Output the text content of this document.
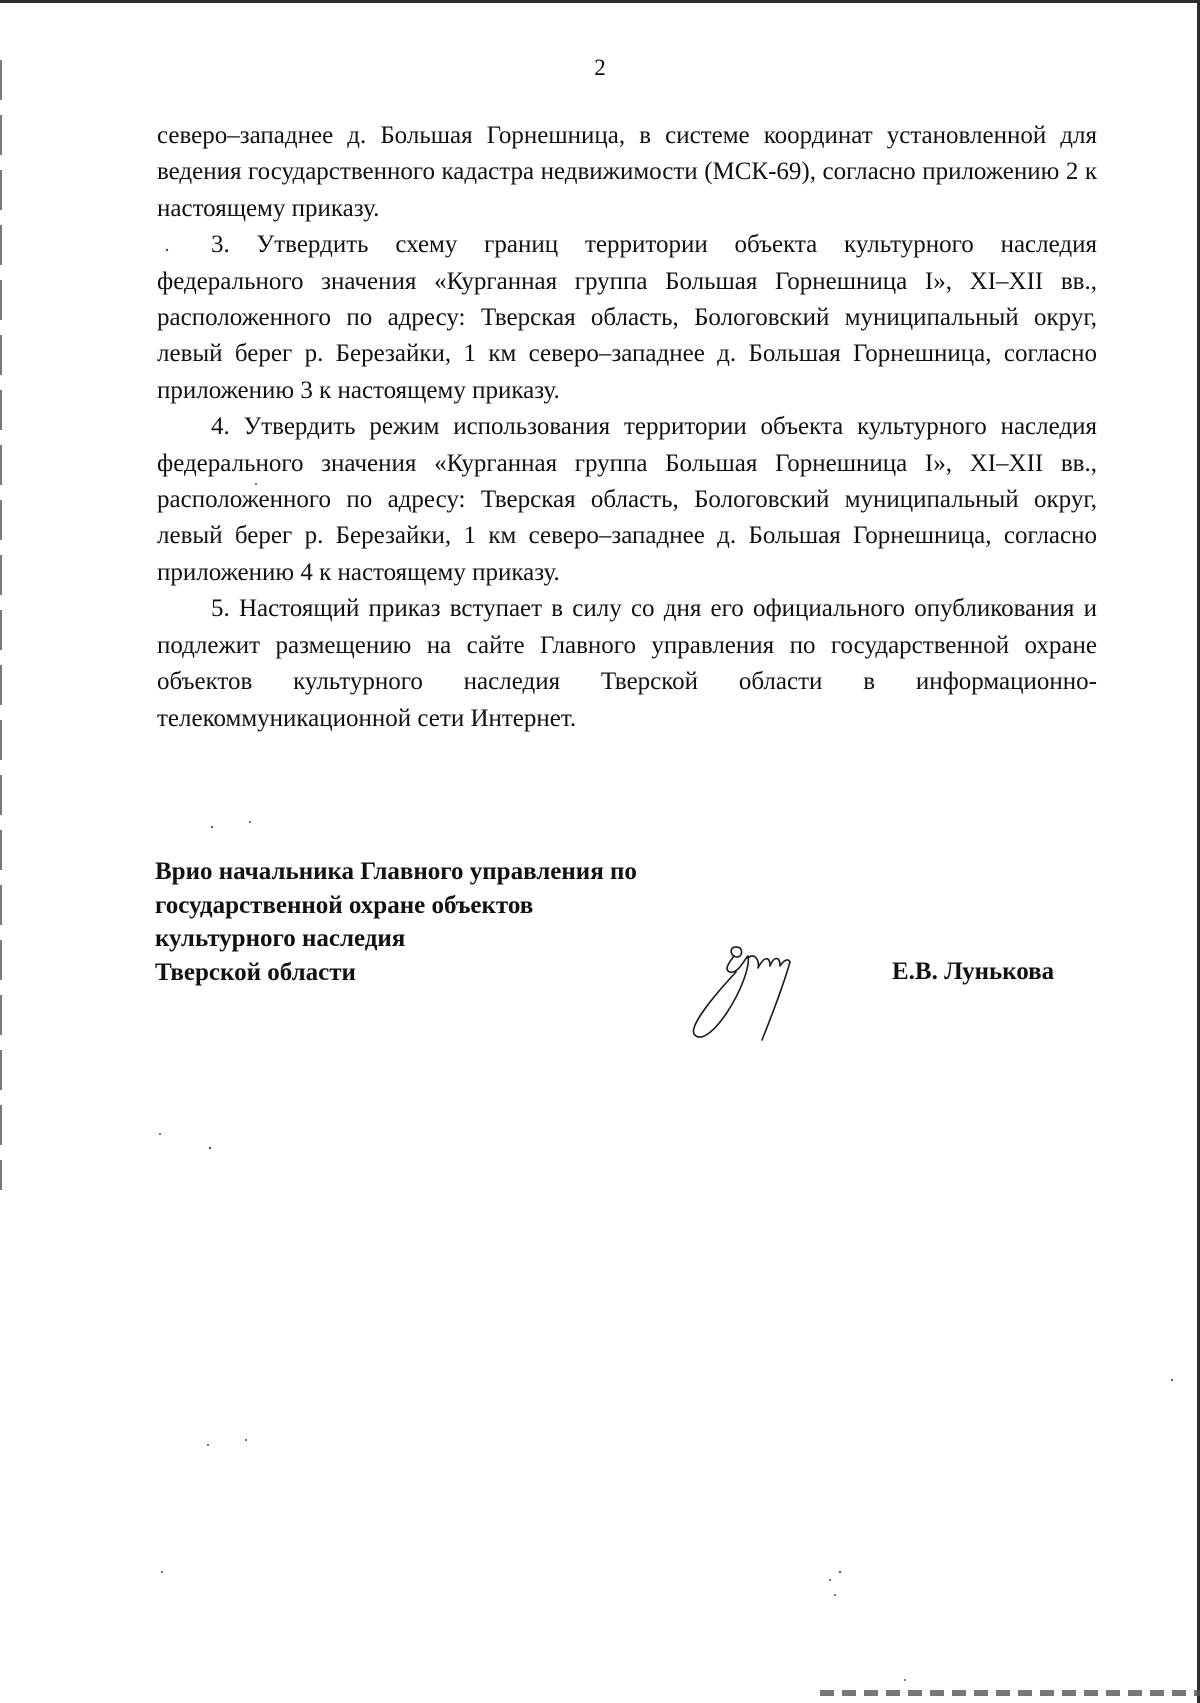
2

северо–западнее д. Большая Горнешница, в системе координат установленной для ведения государственного кадастра недвижимости (МСК-69), согласно приложению 2 к настоящему приказу.

3. Утвердить схему границ территории объекта культурного наследия федерального значения «Курганная группа Большая Горнешница I», XI–XII вв., расположенного по адресу: Тверская область, Бологовский муниципальный округ, левый берег р. Березайки, 1 км северо–западнее д. Большая Горнешница, согласно приложению 3 к настоящему приказу.

4. Утвердить режим использования территории объекта культурного наследия федерального значения «Курганная группа Большая Горнешница I», XI–XII вв., расположенного по адресу: Тверская область, Бологовский муниципальный округ, левый берег р. Березайки, 1 км северо–западнее д. Большая Горнешница, согласно приложению 4 к настоящему приказу.

5. Настоящий приказ вступает в силу со дня его официального опубликования и подлежит размещению на сайте Главного управления по государственной охране объектов культурного наследия Тверской области в информационно-телекоммуникационной сети Интернет.

Врио начальника Главного управления по
государственной охране объектов
культурного наследия
Тверской области	Е.В. Лунькова
